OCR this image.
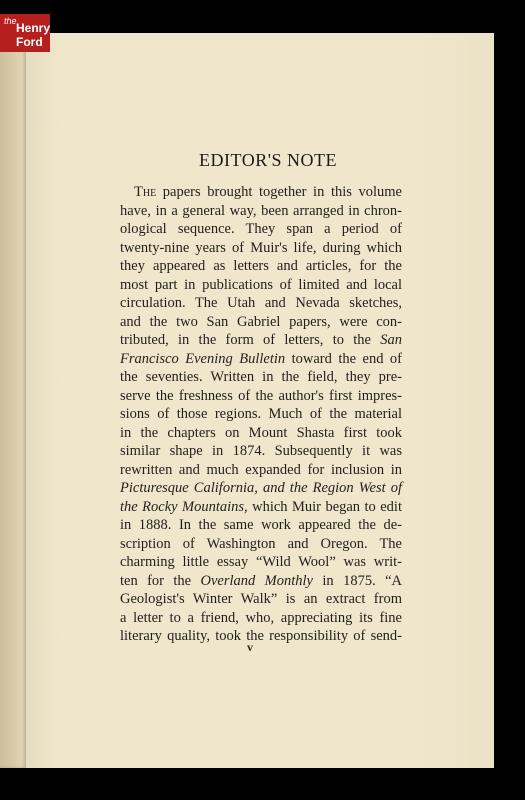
the Henry
Ford
EDITOR'S NOTE
The papers brought together in this volume
have, in a general way, been arranged in chron-
ological sequence. They span a period of
twenty-nine years of Muir's life, during which
they appeared as letters and articles, for the
most part in publications of limited and local
circulation. The Utah and Nevada sketches,
and the two San Gabriel papers, were con-
tributed, in the form of letters, to the San
Francisco Evening Bulletin toward the end of
the seventies. Written in the field, they pre-
serve the freshness of the author's first impres-
sions of those regions. Much of the material
in the chapters on Mount Shasta first took
similar shape in 1874. Subsequently it was
rewritten and much expanded for inclusion in
Picturesque California, and the Region West of
the Rocky Mountains, which Muir began to edit
in 1888. In the same work appeared the de-
scription of Washington and Oregon. The
charming little essay “Wild Wool” was writ-
ten for the Overland Monthly in 1875. “A
Geologist's Winter Walk” is an extract from
a letter to a friend, who, appreciating its fine
literary quality, took the responsibility of send-
v
